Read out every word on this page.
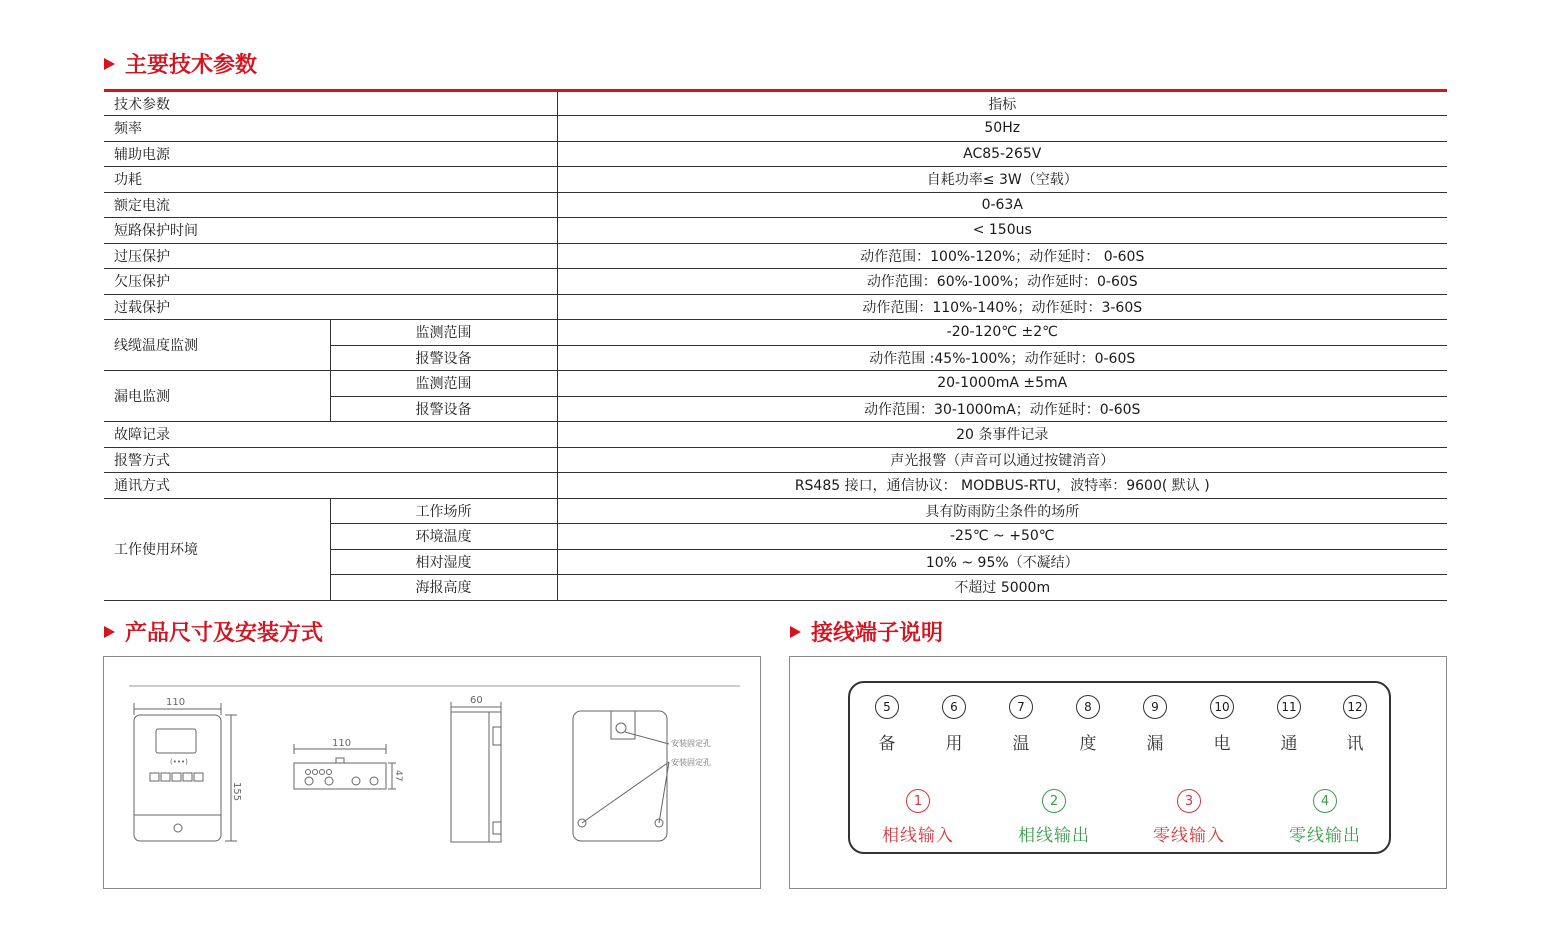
主要技术参数
技术参数		指标
频率		50Hz
辅助电源		AC85-265V
功耗		自耗功率≤ 3W（空载）
额定电流		0-63A
短路保护时间		< 150us
过压保护		动作范围：100%-120%；动作延时： 0-60S
欠压保护		动作范围：60%-100%；动作延时：0-60S
过载保护		动作范围：110%-140%；动作延时：3-60S
线缆温度监测	监测范围	-20-120℃ ±2℃
	报警设备	动作范围 :45%-100%；动作延时：0-60S
漏电监测	监测范围	20-1000mA ±5mA
	报警设备	动作范围：30-1000mA；动作延时：0-60S
故障记录		20 条事件记录
报警方式		声光报警（声音可以通过按键消音）
通讯方式		RS485 接口，通信协议： MODBUS-RTU，波特率：9600( 默认 )
工作使用环境	工作场所	具有防雨防尘条件的场所
	环境温度	-25℃ ~ +50℃
	相对湿度	10% ~ 95%（不凝结）
	海报高度	不超过 5000m
产品尺寸及安装方式	接线端子说明
110
155
(•••)
110
47
60
安装固定孔
安装固定孔
5
备
6
用
7
温
8
度
9
漏
10
电
11
通
12
讯
1
相线输入
2
相线输出
3
零线输入
4
零线输出
